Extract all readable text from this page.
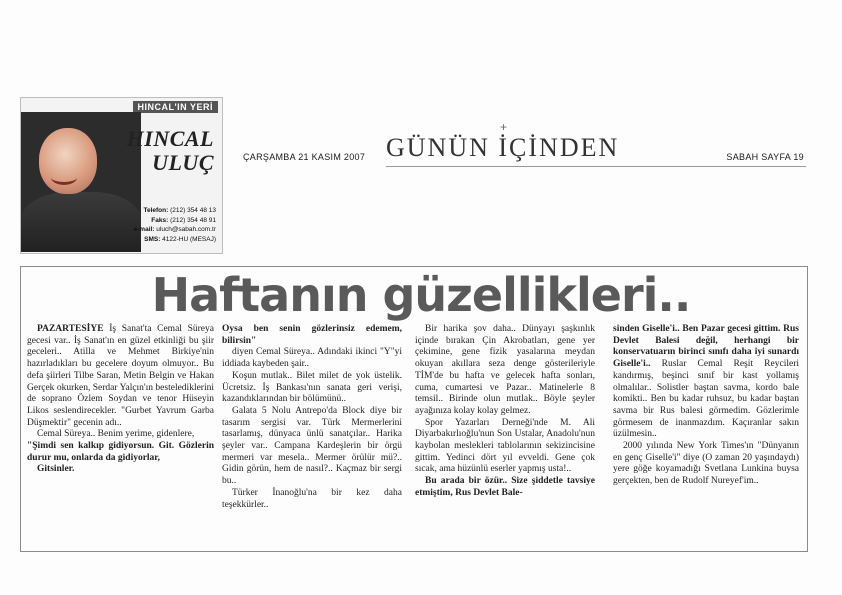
HINCAL'IN YERİ
HINCAL
ULUÇ
Telefon: (212) 354 48 13
Faks: (212) 354 48 91
e-mail: uluch@sabah.com.tr
SMS: 4122-HU (MESAJ)
ÇARŞAMBA 21 KASIM 2007
+
GÜNÜN İÇİNDEN	SABAH SAYFA 19
Haftanın güzellikleri..

PAZARTESİYE İş Sanat'ta Cemal Süreya gecesi var.. İş Sanat'ın en güzel etkinliği bu şiir geceleri.. Atilla ve Mehmet Birkiye'nin hazırladıkları bu gecelere doyum olmuyor.. Bu defa şiirleri Tilbe Saran, Metin Belgin ve Hakan Gerçek okurken, Serdar Yalçın'ın bestelediklerini de soprano Özlem Soydan ve tenor Hüseyin Likos seslendirecekler. "Gurbet Yavrum Garba Düşmektir" gecenin adı..

Cemal Süreya.. Benim yerime, gidenlere,

"Şimdi sen kalkıp gidiyorsun. Git. Gözlerin durur mu, onlarda da gidiyorlar,

Gitsinler.

Oysa ben senin gözlerinsiz edemem, bilirsin"

diyen Cemal Süreya.. Adındaki ikinci "Y"yi iddiada kaybeden şair..

Koşun mutlak.. Bilet milet de yok üstelik. Ücretsiz. İş Bankası'nın sanata geri verişi, kazandıklarından bir bölümünü..

Galata 5 Nolu Antrepo'da Block diye bir tasarım sergisi var. Türk Mermerlerini tasarlamış, dünyaca ünlü sanatçılar.. Harika şeyler var.. Campana Kardeşlerin bir örgü mermeri var mesela.. Mermer örülür mü?.. Gidin görün, hem de nasıl?.. Kaçmaz bir sergi bu..

Türker İnanoğlu'na bir kez daha teşekkürler..

Bir harika şov daha.. Dünyayı şaşkınlık içinde bırakan Çin Akrobatları, gene yer çekimine, gene fizik yasalarına meydan okuyan akıllara seza denge gösterileriyle TİM'de bu hafta ve gelecek hafta sonları, cuma, cumartesi ve Pazar.. Matinelerle 8 temsil.. Birinde olun mutlak.. Böyle şeyler ayağınıza kolay kolay gelmez.

Spor Yazarları Derneği'nde M. Ali Diyarbakırlıoğlu'nun Son Ustalar, Anadolu'nun kaybolan meslekleri tablolarının sekizincisine gittim. Yedinci dört yıl evveldi. Gene çok sıcak, ama hüzünlü eserler yapmış usta!..

Bu arada bir özür.. Size şiddetle tavsiye etmiştim, Rus Devlet Bale-

sinden Giselle'i.. Ben Pazar gecesi gittim. Rus Devlet Balesi değil, herhangi bir konservatuarın birinci sınıfı daha iyi sunardı Giselle'i.. Ruslar Cemal Reşit Reycileri kandırmış, beşinci sınıf bir kast yollamış olmalılar.. Solistler baştan savma, kordo bale komikti.. Ben bu kadar ruhsuz, bu kadar baştan savma bir Rus balesi görmedim. Gözlerimle görmesem de inanmazdım. Kaçıranlar sakın üzülmesin..

2000 yılında New York Times'ın "Dünyanın en genç Giselle'i" diye (O zaman 20 yaşındaydı) yere göğe koyamadığı Svetlana Lunkina buysa gerçekten, ben de Rudolf Nureyef'im..
